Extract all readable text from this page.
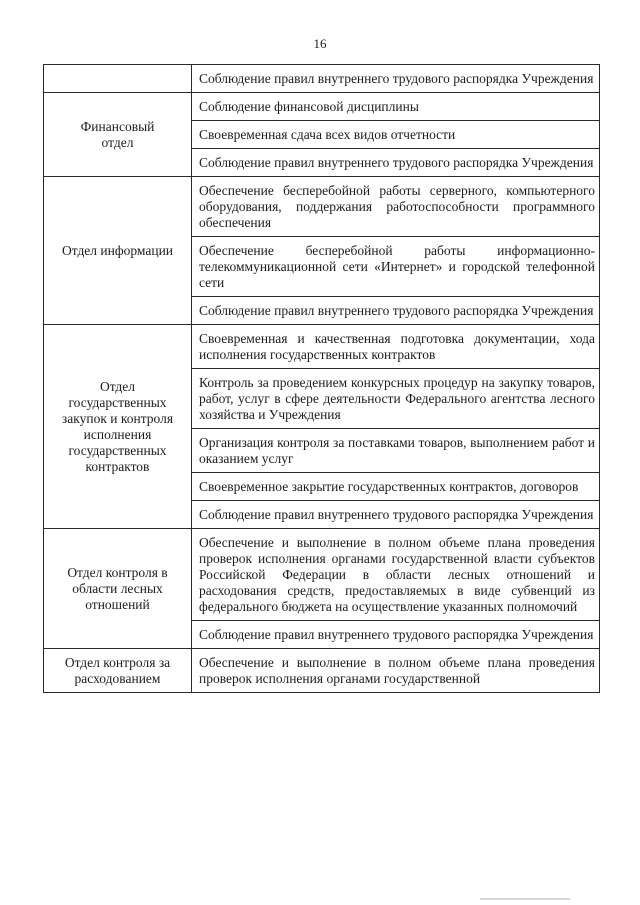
16
	Соблюдение правил внутреннего трудового распорядка Учреждения
Финансовый отдел	Соблюдение финансовой дисциплины
	Своевременная сдача всех видов отчетности
	Соблюдение правил внутреннего трудового распорядка Учреждения
Отдел информации	Обеспечение бесперебойной работы серверного, компьютерного оборудования, поддержания работоспособности программного обеспечения
	Обеспечение бесперебойной работы информационно-телекоммуникационной сети «Интернет» и городской телефонной сети
	Соблюдение правил внутреннего трудового распорядка Учреждения
Отдел государственных закупок и контроля исполнения государственных контрактов	Своевременная и качественная подготовка документации, хода исполнения государственных контрактов
	Контроль за проведением конкурсных процедур на закупку товаров, работ, услуг в сфере деятельности Федерального агентства лесного хозяйства и Учреждения
	Организация контроля за поставками товаров, выполнением работ и оказанием услуг
	Своевременное закрытие государственных контрактов, договоров
	Соблюдение правил внутреннего трудового распорядка Учреждения
Отдел контроля в области лесных отношений	Обеспечение и выполнение в полном объеме плана проведения проверок исполнения органами государственной власти субъектов Российской Федерации в области лесных отношений и расходования средств, предоставляемых в виде субвенций из федерального бюджета на осуществление указанных полномочий
	Соблюдение правил внутреннего трудового распорядка Учреждения
Отдел контроля за расходованием	Обеспечение и выполнение в полном объеме плана проведения проверок исполнения органами государственной
